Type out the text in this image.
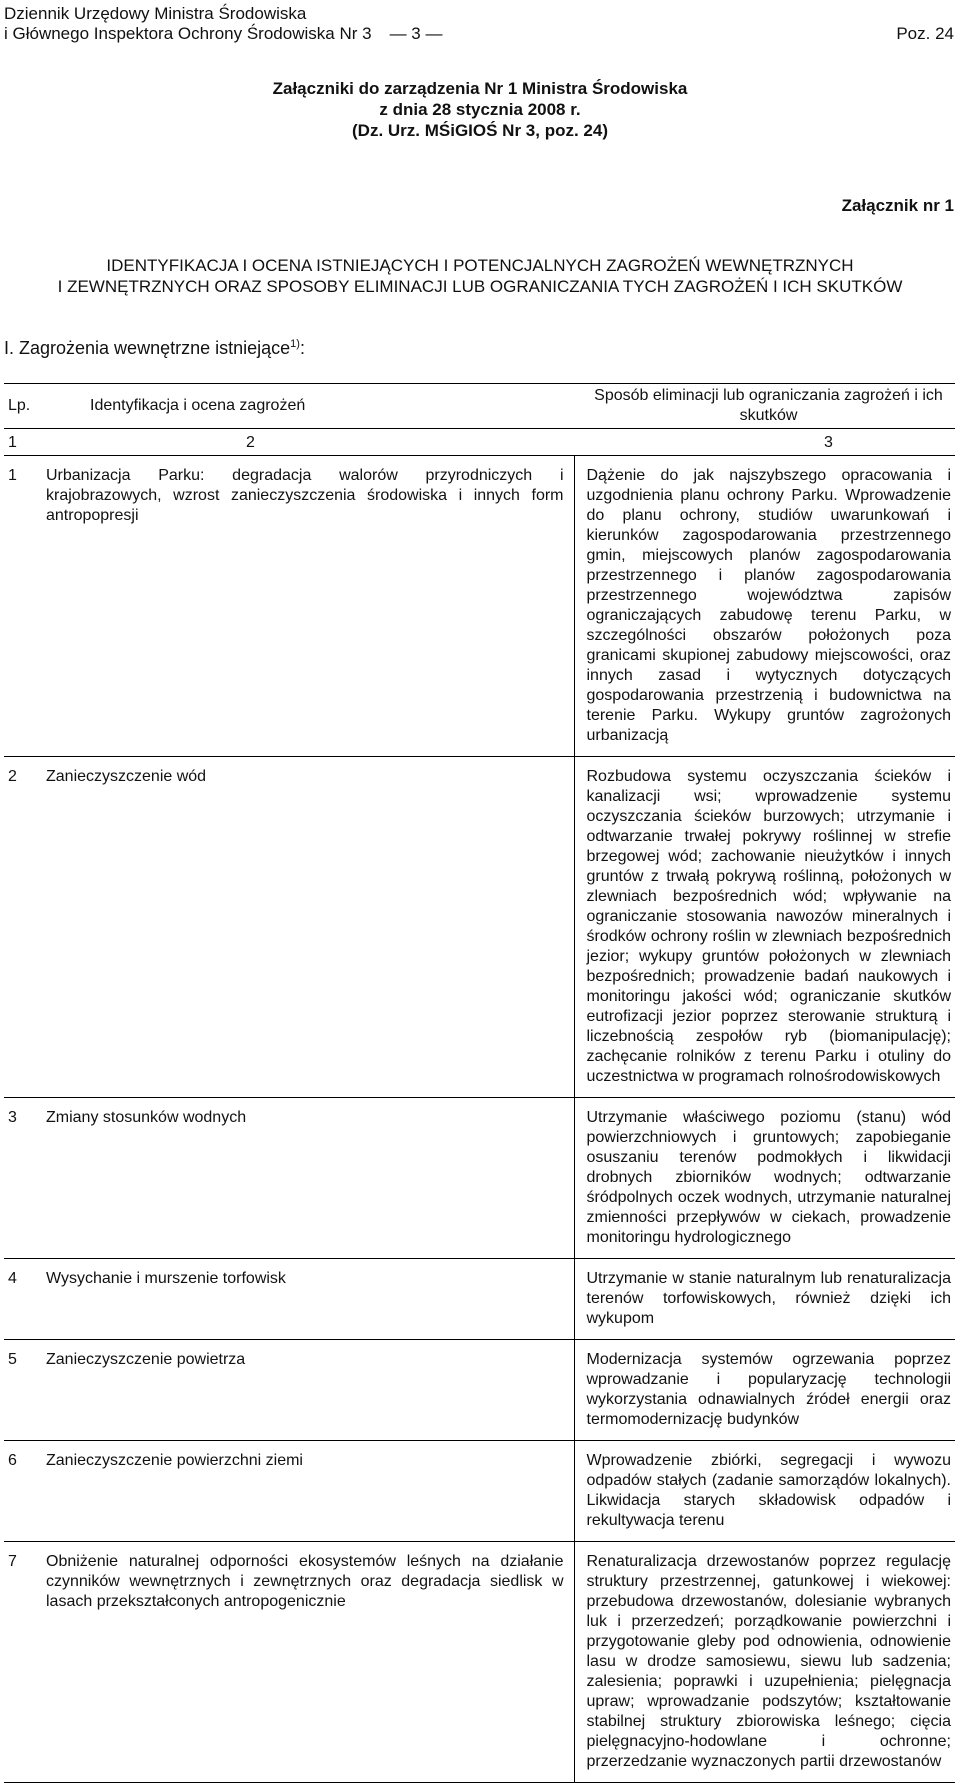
Dziennik Urzędowy Ministra Środowiska
i Głównego Inspektora Ochrony Środowiska Nr 3 — 3 —	Poz. 24
Załączniki do zarządzenia Nr 1 Ministra Środowiska
z dnia 28 stycznia 2008 r.
(Dz. Urz. MŚiGIOŚ Nr 3, poz. 24)
Załącznik nr 1
IDENTYFIKACJA I OCENA ISTNIEJĄCYCH I POTENCJALNYCH ZAGROŻEŃ WEWNĘTRZNYCH
I ZEWNĘTRZNYCH ORAZ SPOSOBY ELIMINACJI LUB OGRANICZANIA TYCH ZAGROŻEŃ I ICH SKUTKÓW
I. Zagrożenia wewnętrzne istniejące$^{1)}$:
Lp.	Identyfikacja i ocena zagrożeń	Sposób eliminacji lub ograniczania zagrożeń i ich skutków
1	2	3
1	Urbanizacja Parku: degradacja walorów przyrodniczych i krajobrazowych, wzrost zanieczyszczenia środowiska i innych form antropopresji	Dążenie do jak najszybszego opracowania i uzgodnienia planu ochrony Parku. Wprowadzenie do planu ochrony, studiów uwarunkowań i kierunków zagospodarowania przestrzennego gmin, miejscowych planów zagospodarowania przestrzennego i planów zagospodarowania przestrzennego województwa zapisów ograniczających zabudowę terenu Parku, w szczególności obszarów położonych poza granicami skupionej zabudowy miejscowości, oraz innych zasad i wytycznych dotyczących gospodarowania przestrzenią i budownictwa na terenie Parku. Wykupy gruntów zagrożonych urbanizacją
2	Zanieczyszczenie wód	Rozbudowa systemu oczyszczania ścieków i kanalizacji wsi; wprowadzenie systemu oczyszczania ścieków burzowych; utrzymanie i odtwarzanie trwałej pokrywy roślinnej w strefie brzegowej wód; zachowanie nieużytków i innych gruntów z trwałą pokrywą roślinną, położonych w zlewniach bezpośrednich wód; wpływanie na ograniczanie stosowania nawozów mineralnych i środków ochrony roślin w zlewniach bezpośrednich jezior; wykupy gruntów położonych w zlewniach bezpośrednich; prowadzenie badań naukowych i monitoringu jakości wód; ograniczanie skutków eutrofizacji jezior poprzez sterowanie strukturą i liczebnością zespołów ryb (biomanipulację); zachęcanie rolników z terenu Parku i otuliny do uczestnictwa w programach rolnośrodowiskowych
3	Zmiany stosunków wodnych	Utrzymanie właściwego poziomu (stanu) wód powierzchniowych i gruntowych; zapobieganie osuszaniu terenów podmokłych i likwidacji drobnych zbiorników wodnych; odtwarzanie śródpolnych oczek wodnych, utrzymanie naturalnej zmienności przepływów w ciekach, prowadzenie monitoringu hydrologicznego
4	Wysychanie i murszenie torfowisk	Utrzymanie w stanie naturalnym lub renaturalizacja terenów torfowiskowych, również dzięki ich wykupom
5	Zanieczyszczenie powietrza	Modernizacja systemów ogrzewania poprzez wprowadzanie i popularyzację technologii wykorzystania odnawialnych źródeł energii oraz termomodernizację budynków
6	Zanieczyszczenie powierzchni ziemi	Wprowadzenie zbiórki, segregacji i wywozu odpadów stałych (zadanie samorządów lokalnych). Likwidacja starych składowisk odpadów i rekultywacja terenu
7	Obniżenie naturalnej odporności ekosystemów leśnych na działanie czynników wewnętrznych i zewnętrznych oraz degradacja siedlisk w lasach przekształconych antropogenicznie	Renaturalizacja drzewostanów poprzez regulację struktury przestrzennej, gatunkowej i wiekowej: przebudowa drzewostanów, dolesianie wybranych luk i przerzedzeń; porządkowanie powierzchni i przygotowanie gleby pod odnowienia, odnowienie lasu w drodze samosiewu, siewu lub sadzenia; zalesienia; poprawki i uzupełnienia; pielęgnacja upraw; wprowadzanie podszytów; kształtowanie stabilnej struktury zbiorowiska leśnego; cięcia pielęgnacyjno-hodowlane i ochronne; przerzedzanie wyznaczonych partii drzewostanów
